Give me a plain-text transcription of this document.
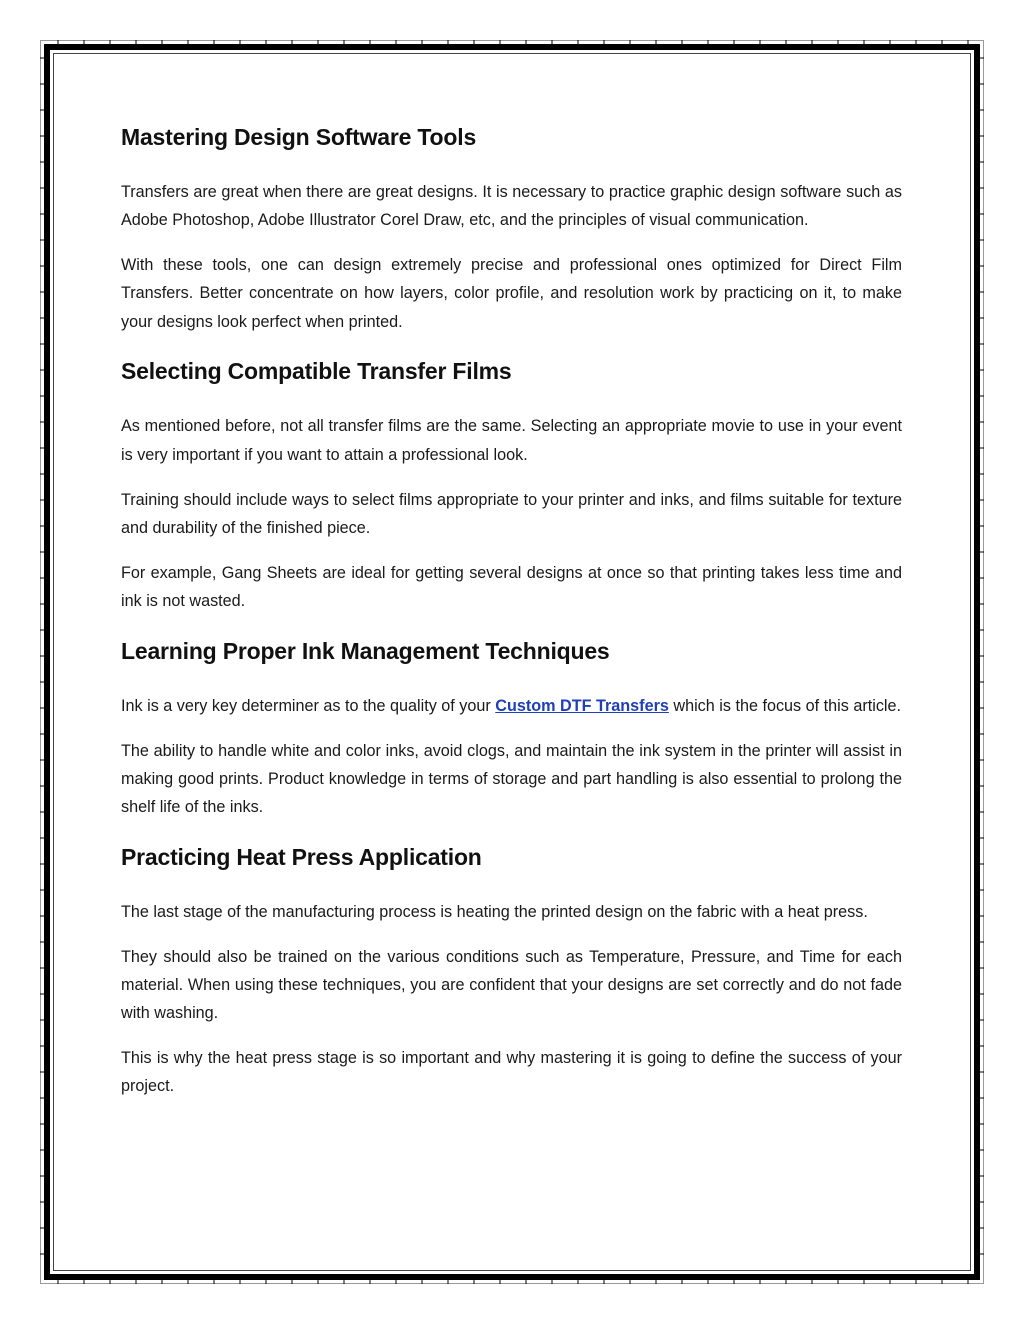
Mastering Design Software Tools

Transfers are great when there are great designs. It is necessary to practice graphic design software such as Adobe Photoshop, Adobe Illustrator Corel Draw, etc, and the principles of visual communication.

With these tools, one can design extremely precise and professional ones optimized for Direct Film Transfers. Better concentrate on how layers, color profile, and resolution work by practicing on it, to make your designs look perfect when printed.

Selecting Compatible Transfer Films

As mentioned before, not all transfer films are the same. Selecting an appropriate movie to use in your event is very important if you want to attain a professional look.

Training should include ways to select films appropriate to your printer and inks, and films suitable for texture and durability of the finished piece.

For example, Gang Sheets are ideal for getting several designs at once so that printing takes less time and ink is not wasted.

Learning Proper Ink Management Techniques

Ink is a very key determiner as to the quality of your Custom DTF Transfers which is the focus of this article.

The ability to handle white and color inks, avoid clogs, and maintain the ink system in the printer will assist in making good prints. Product knowledge in terms of storage and part handling is also essential to prolong the shelf life of the inks.

Practicing Heat Press Application

The last stage of the manufacturing process is heating the printed design on the fabric with a heat press.

They should also be trained on the various conditions such as Temperature, Pressure, and Time for each material. When using these techniques, you are confident that your designs are set correctly and do not fade with washing.

This is why the heat press stage is so important and why mastering it is going to define the success of your project.
